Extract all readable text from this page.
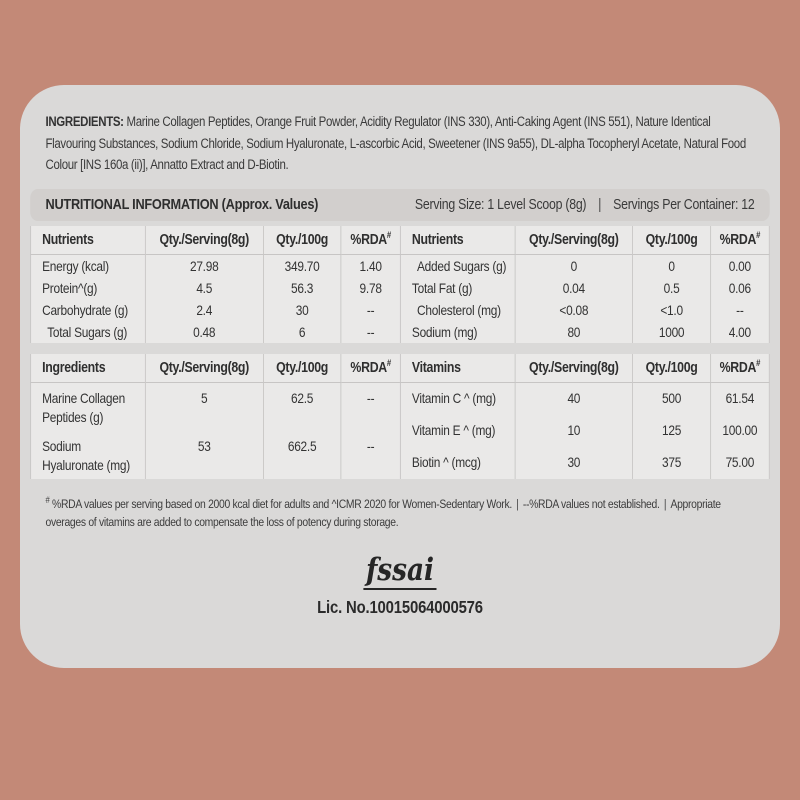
INGREDIENTS: Marine Collagen Peptides, Orange Fruit Powder, Acidity Regulator (INS 330), Anti-Caking Agent (INS 551), Nature Identical Flavouring Substances, Sodium Chloride, Sodium Hyaluronate, L-ascorbic Acid, Sweetener (INS 9a55), DL-alpha Tocopheryl Acetate, Natural Food Colour [INS 160a (ii)], Annatto Extract and D-Biotin.

NUTRITIONAL INFORMATION (Approx. Values)	Serving Size: 1 Level Scoop (8g) | Servings Per Container: 12
Nutrients	Qty./Serving(8g)	Qty./100g	%RDA#
Energy (kcal)	27.98	349.70	1.40
Protein^(g)	4.5	56.3	9.78
Carbohydrate (g)	2.4	30	--
Total Sugars (g)	0.48	6	--
Nutrients	Qty./Serving(8g)	Qty./100g	%RDA#
Added Sugars (g)	0	0	0.00
Total Fat (g)	0.04	0.5	0.06
Cholesterol (mg)	<0.08	<1.0	--
Sodium (mg)	80	1000	4.00
Ingredients	Qty./Serving(8g)	Qty./100g	%RDA#
Marine Collagen Peptides (g)	5	62.5	--
Sodium Hyaluronate (mg)	53	662.5	--
Vitamins	Qty./Serving(8g)	Qty./100g	%RDA#
Vitamin C ^ (mg)	40	500	61.54
Vitamin E ^ (mg)	10	125	100.00
Biotin ^ (mcg)	30	375	75.00

# %RDA values per serving based on 2000 kcal diet for adults and ^ICMR 2020 for Women-Sedentary Work. | --%RDA values not established. | Appropriate overages of vitamins are added to compensate the loss of potency during storage.

fssai
Lic. No.10015064000576
